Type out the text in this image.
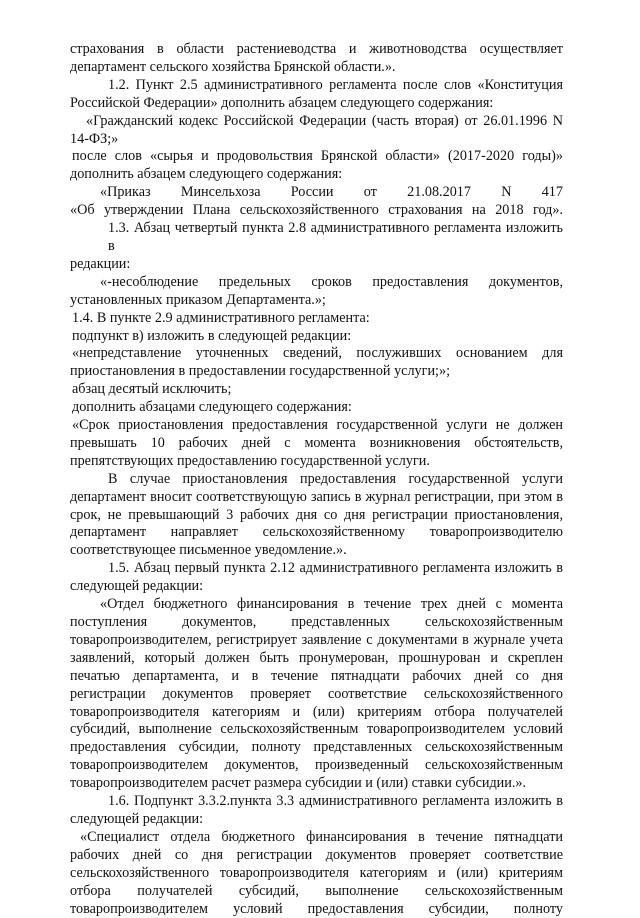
страхования в области растениеводства и животноводства осуществляет
департамент сельского хозяйства Брянской области.».
1.2. Пункт 2.5 административного регламента после слов «Конституция
Российской Федерации» дополнить абзацем следующего содержания:
«Гражданский кодекс Российской Федерации (часть вторая) от 26.01.1996 N
14-ФЗ;»
после слов «сырья и продовольствия Брянской области» (2017-2020 годы)»
дополнить абзацем следующего содержания:
«Приказ Минсельхоза России от 21.08.2017 N 417
«Об утверждении Плана сельскохозяйственного страхования на 2018 год».
1.3. Абзац четвертый пункта 2.8 административного регламента изложить в
редакции:
«-несоблюдение предельных сроков предоставления документов,
установленных приказом Департамента.»;
1.4. В пункте 2.9 административного регламента:
подпункт в) изложить в следующей редакции:
«непредставление уточненных сведений, послуживших основанием для
приостановления в предоставлении государственной услуги;»;
абзац десятый исключить;
дополнить абзацами следующего содержания:
«Срок приостановления предоставления государственной услуги не должен
превышать 10 рабочих дней с момента возникновения обстоятельств,
препятствующих предоставлению государственной услуги.
В случае приостановления предоставления государственной услуги
департамент вносит соответствующую запись в журнал регистрации, при этом в
срок, не превышающий 3 рабочих дня со дня регистрации приостановления,
департамент направляет сельскохозяйственному товаропроизводителю
соответствующее письменное уведомление.».
1.5. Абзац первый пункта 2.12 административного регламента изложить в
следующей редакции:
«Отдел бюджетного финансирования в течение трех дней с момента
поступления документов, представленных сельскохозяйственным
товаропроизводителем, регистрирует заявление с документами в журнале учета
заявлений, который должен быть пронумерован, прошнурован и скреплен
печатью департамента, и в течение пятнадцати рабочих дней со дня
регистрации документов проверяет соответствие сельскохозяйственного
товаропроизводителя категориям и (или) критериям отбора получателей
субсидий, выполнение сельскохозяйственным товаропроизводителем условий
предоставления субсидии, полноту представленных сельскохозяйственным
товаропроизводителем документов, произведенный сельскохозяйственным
товаропроизводителем расчет размера субсидии и (или) ставки субсидии.».
1.6. Подпункт 3.3.2.пункта 3.3 административного регламента изложить в
следующей редакции:
«Специалист отдела бюджетного финансирования в течение пятнадцати
рабочих дней со дня регистрации документов проверяет соответствие
сельскохозяйственного товаропроизводителя категориям и (или) критериям
отбора получателей субсидий, выполнение сельскохозяйственным
товаропроизводителем условий предоставления субсидии, полноту
